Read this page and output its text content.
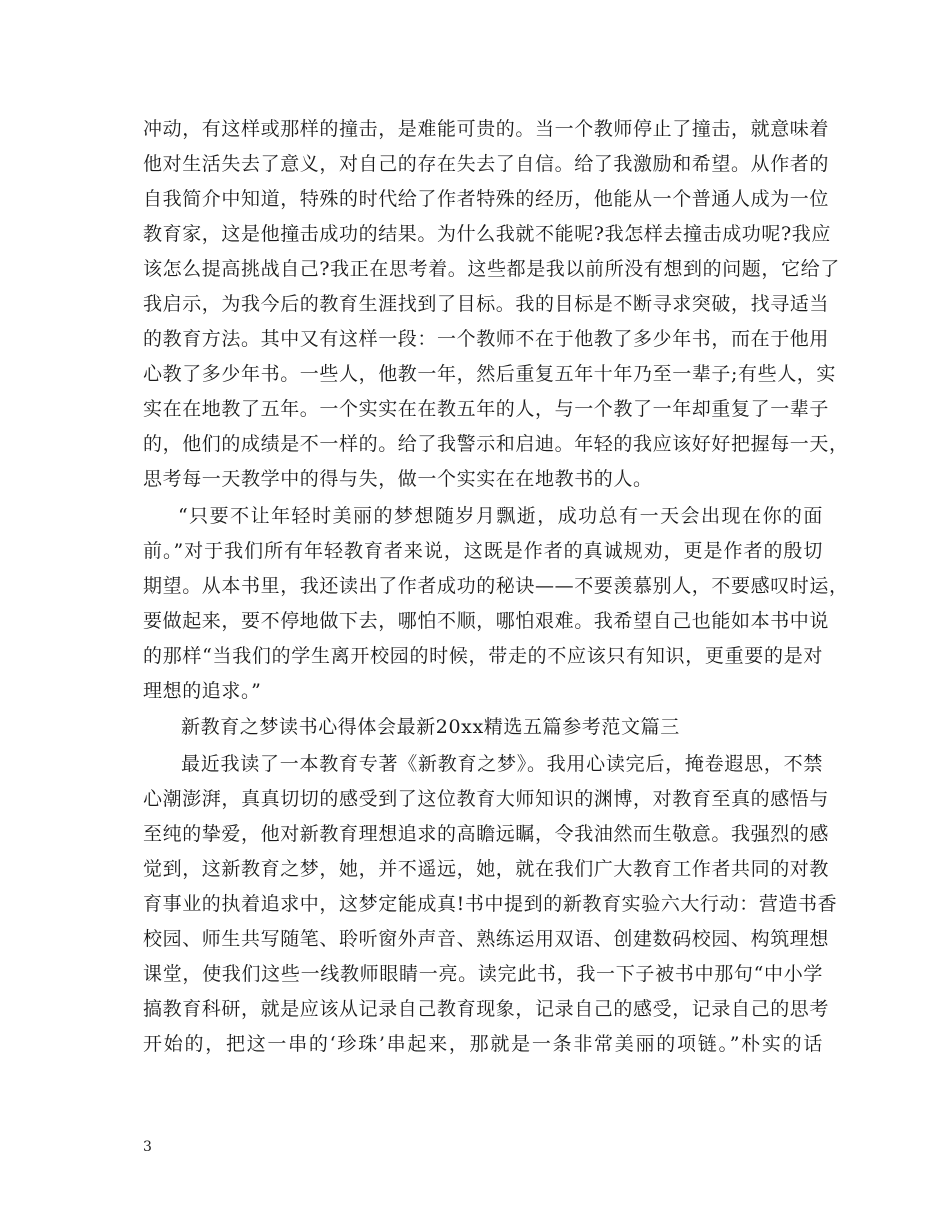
冲动，有这样或那样的撞击，是难能可贵的。当一个教师停止了撞击，就意味着
他对生活失去了意义，对自己的存在失去了自信。给了我激励和希望。从作者的
自我简介中知道，特殊的时代给了作者特殊的经历，他能从一个普通人成为一位
教育家，这是他撞击成功的结果。为什么我就不能呢?我怎样去撞击成功呢?我应
该怎么提高挑战自己?我正在思考着。这些都是我以前所没有想到的问题，它给了
我启示，为我今后的教育生涯找到了目标。我的目标是不断寻求突破，找寻适当
的教育方法。其中又有这样一段：一个教师不在于他教了多少年书，而在于他用
心教了多少年书。一些人，他教一年，然后重复五年十年乃至一辈子;有些人，实
实在在地教了五年。一个实实在在教五年的人，与一个教了一年却重复了一辈子
的，他们的成绩是不一样的。给了我警示和启迪。年轻的我应该好好把握每一天，
思考每一天教学中的得与失，做一个实实在在地教书的人。
“只要不让年轻时美丽的梦想随岁月飘逝，成功总有一天会出现在你的面
前。”对于我们所有年轻教育者来说，这既是作者的真诚规劝，更是作者的殷切
期望。从本书里，我还读出了作者成功的秘诀——不要羡慕别人，不要感叹时运，
要做起来，要不停地做下去，哪怕不顺，哪怕艰难。我希望自己也能如本书中说
的那样“当我们的学生离开校园的时候，带走的不应该只有知识，更重要的是对
理想的追求。”
新教育之梦读书心得体会最新20xx精选五篇参考范文篇三
最近我读了一本教育专著《新教育之梦》。我用心读完后，掩卷遐思，不禁
心潮澎湃，真真切切的感受到了这位教育大师知识的渊博，对教育至真的感悟与
至纯的挚爱，他对新教育理想追求的高瞻远瞩，令我油然而生敬意。我强烈的感
觉到，这新教育之梦，她，并不遥远，她，就在我们广大教育工作者共同的对教
育事业的执着追求中，这梦定能成真!书中提到的新教育实验六大行动：营造书香
校园、师生共写随笔、聆听窗外声音、熟练运用双语、创建数码校园、构筑理想
课堂，使我们这些一线教师眼睛一亮。读完此书，我一下子被书中那句“中小学
搞教育科研，就是应该从记录自己教育现象，记录自己的感受，记录自己的思考
开始的，把这一串的‘珍珠’串起来，那就是一条非常美丽的项链。”朴实的话
3
